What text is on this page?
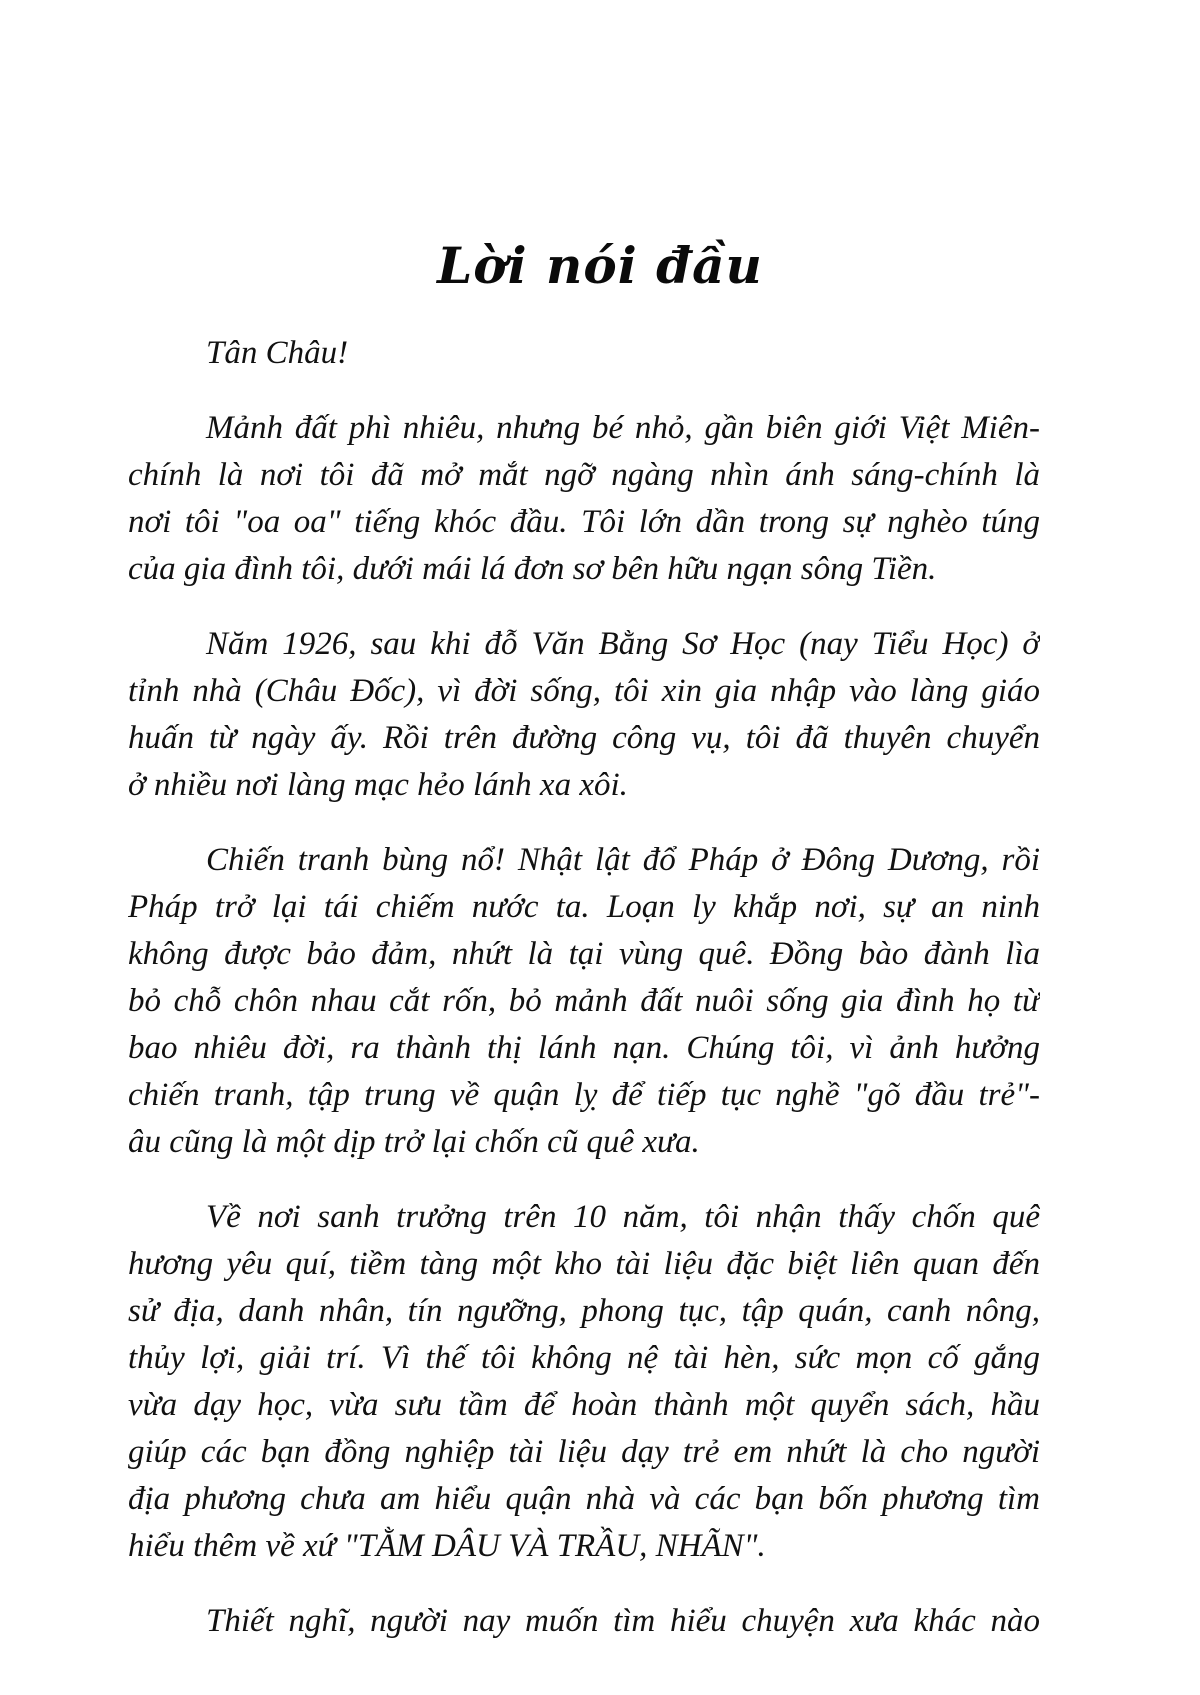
Lời nói đầu
Tân Châu!
Mảnh đất phì nhiêu, nhưng bé nhỏ, gần biên giới Việt Miên-
chính là nơi tôi đã mở mắt ngỡ ngàng nhìn ánh sáng-chính là
nơi tôi "oa oa" tiếng khóc đầu. Tôi lớn dần trong sự nghèo túng
của gia đình tôi, dưới mái lá đơn sơ bên hữu ngạn sông Tiền.
Năm 1926, sau khi đỗ Văn Bằng Sơ Học (nay Tiểu Học) ở
tỉnh nhà (Châu Đốc), vì đời sống, tôi xin gia nhập vào làng giáo
huấn từ ngày ấy. Rồi trên đường công vụ, tôi đã thuyên chuyển
ở nhiều nơi làng mạc hẻo lánh xa xôi.
Chiến tranh bùng nổ! Nhật lật đổ Pháp ở Đông Dương, rồi
Pháp trở lại tái chiếm nước ta. Loạn ly khắp nơi, sự an ninh
không được bảo đảm, nhứt là tại vùng quê. Đồng bào đành lìa
bỏ chỗ chôn nhau cắt rốn, bỏ mảnh đất nuôi sống gia đình họ từ
bao nhiêu đời, ra thành thị lánh nạn. Chúng tôi, vì ảnh hưởng
chiến tranh, tập trung về quận lỵ để tiếp tục nghề "gõ đầu trẻ"-
âu cũng là một dịp trở lại chốn cũ quê xưa.
Về nơi sanh trưởng trên 10 năm, tôi nhận thấy chốn quê
hương yêu quí, tiềm tàng một kho tài liệu đặc biệt liên quan đến
sử địa, danh nhân, tín ngưỡng, phong tục, tập quán, canh nông,
thủy lợi, giải trí. Vì thế tôi không nệ tài hèn, sức mọn cố gắng
vừa dạy học, vừa sưu tầm để hoàn thành một quyển sách, hầu
giúp các bạn đồng nghiệp tài liệu dạy trẻ em nhứt là cho người
địa phương chưa am hiểu quận nhà và các bạn bốn phương tìm
hiểu thêm về xứ "TẰM DÂU VÀ TRẦU, NHÃN".
Thiết nghĩ, người nay muốn tìm hiểu chuyện xưa khác nào
